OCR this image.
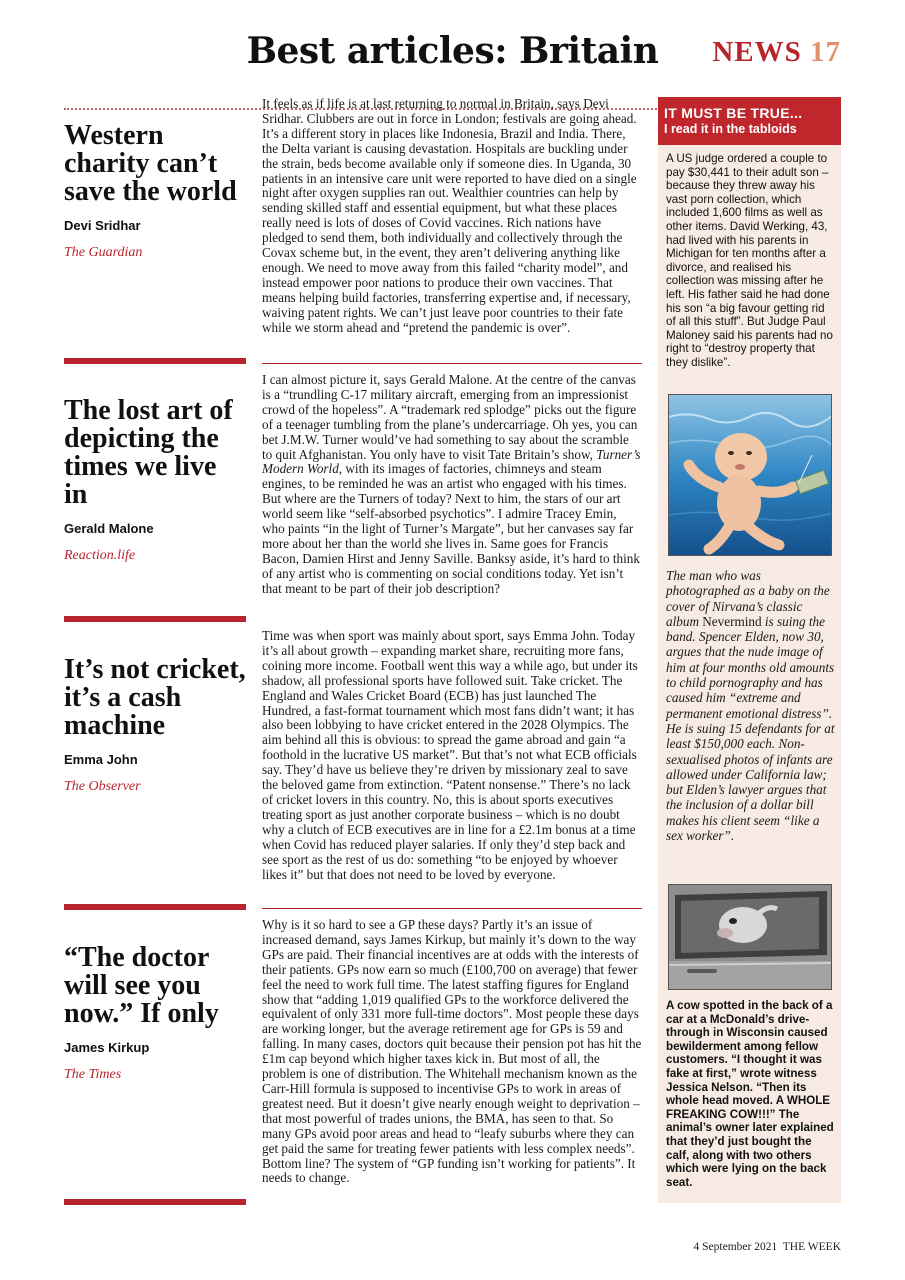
Best articles: Britain	NEWS 17
Western charity can’t save the world
Devi Sridhar
The Guardian

It feels as if life is at last returning to normal in Britain, says Devi Sridhar. Clubbers are out in force in London; festivals are going ahead. It’s a different story in places like Indonesia, Brazil and India. There, the Delta variant is causing devastation. Hospitals are buckling under the strain, beds become available only if someone dies. In Uganda, 30 patients in an intensive care unit were reported to have died on a single night after oxygen supplies ran out. Wealthier countries can help by sending skilled staff and essential equipment, but what these places really need is lots of doses of Covid vaccines. Rich nations have pledged to send them, both individually and collectively through the Covax scheme but, in the event, they aren’t delivering anything like enough. We need to move away from this failed “charity model”, and instead empower poor nations to produce their own vaccines. That means helping build factories, transferring expertise and, if necessary, waiving patent rights. We can’t just leave poor countries to their fate while we storm ahead and “pretend the pandemic is over”.

The lost art of depicting the times we live in
Gerald Malone
Reaction.life

I can almost picture it, says Gerald Malone. At the centre of the canvas is a “trundling C-17 military aircraft, emerging from an impressionist crowd of the hopeless”. A “trademark red splodge” picks out the figure of a teenager tumbling from the plane’s undercarriage. Oh yes, you can bet J.M.W. Turner would’ve had something to say about the scramble to quit Afghanistan. You only have to visit Tate Britain’s show, Turner’s Modern World, with its images of factories, chimneys and steam engines, to be reminded he was an artist who engaged with his times. But where are the Turners of today? Next to him, the stars of our art world seem like “self-absorbed psychotics”. I admire Tracey Emin, who paints “in the light of Turner’s Margate”, but her canvases say far more about her than the world she lives in. Same goes for Francis Bacon, Damien Hirst and Jenny Saville. Banksy aside, it’s hard to think of any artist who is commenting on social conditions today. Yet isn’t that meant to be part of their job description?

It’s not cricket, it’s a cash machine
Emma John
The Observer

Time was when sport was mainly about sport, says Emma John. Today it’s all about growth – expanding market share, recruiting more fans, coining more income. Football went this way a while ago, but under its shadow, all professional sports have followed suit. Take cricket. The England and Wales Cricket Board (ECB) has just launched The Hundred, a fast-format tournament which most fans didn’t want; it has also been lobbying to have cricket entered in the 2028 Olympics. The aim behind all this is obvious: to spread the game abroad and gain “a foothold in the lucrative US market”. But that’s not what ECB officials say. They’d have us believe they’re driven by missionary zeal to save the beloved game from extinction. “Patent nonsense.” There’s no lack of cricket lovers in this country. No, this is about sports executives treating sport as just another corporate business – which is no doubt why a clutch of ECB executives are in line for a £2.1m bonus at a time when Covid has reduced player salaries. If only they’d step back and see sport as the rest of us do: something “to be enjoyed by whoever likes it” but that does not need to be loved by everyone.

“The doctor will see you now.” If only
James Kirkup
The Times

Why is it so hard to see a GP these days? Partly it’s an issue of increased demand, says James Kirkup, but mainly it’s down to the way GPs are paid. Their financial incentives are at odds with the interests of their patients. GPs now earn so much (£100,700 on average) that fewer feel the need to work full time. The latest staffing figures for England show that “adding 1,019 qualified GPs to the workforce delivered the equivalent of only 331 more full-time doctors”. Most people these days are working longer, but the average retirement age for GPs is 59 and falling. In many cases, doctors quit because their pension pot has hit the £1m cap beyond which higher taxes kick in. But most of all, the problem is one of distribution. The Whitehall mechanism known as the Carr-Hill formula is supposed to incentivise GPs to work in areas of greatest need. But it doesn’t give nearly enough weight to deprivation – that most powerful of trades unions, the BMA, has seen to that. So many GPs avoid poor areas and head to “leafy suburbs where they can get paid the same for treating fewer patients with less complex needs”. Bottom line? The system of “GP funding isn’t working for patients”. It needs to change.

IT MUST BE TRUE...
I read it in the tabloids

A US judge ordered a couple to pay $30,441 to their adult son – because they threw away his vast porn collection, which included 1,600 films as well as other items. David Werking, 43, had lived with his parents in Michigan for ten months after a divorce, and realised his collection was missing after he left. His father said he had done his son “a big favour getting rid of all this stuff”. But Judge Paul Maloney said his parents had no right to “destroy property that they dislike”.

The man who was photographed as a baby on the cover of Nirvana’s classic album Nevermind is suing the band. Spencer Elden, now 30, argues that the nude image of him at four months old amounts to child pornography and has caused him “extreme and permanent emotional distress”. He is suing 15 defendants for at least $150,000 each. Non-sexualised photos of infants are allowed under California law; but Elden’s lawyer argues that the inclusion of a dollar bill makes his client seem “like a sex worker”.

A cow spotted in the back of a car at a McDonald’s drive-through in Wisconsin caused bewilderment among fellow customers. “I thought it was fake at first,” wrote witness Jessica Nelson. “Then its whole head moved. A WHOLE FREAKING COW!!!” The animal’s owner later explained that they’d just bought the calf, along with two others which were lying on the back seat.

4 September 2021 THE WEEK
